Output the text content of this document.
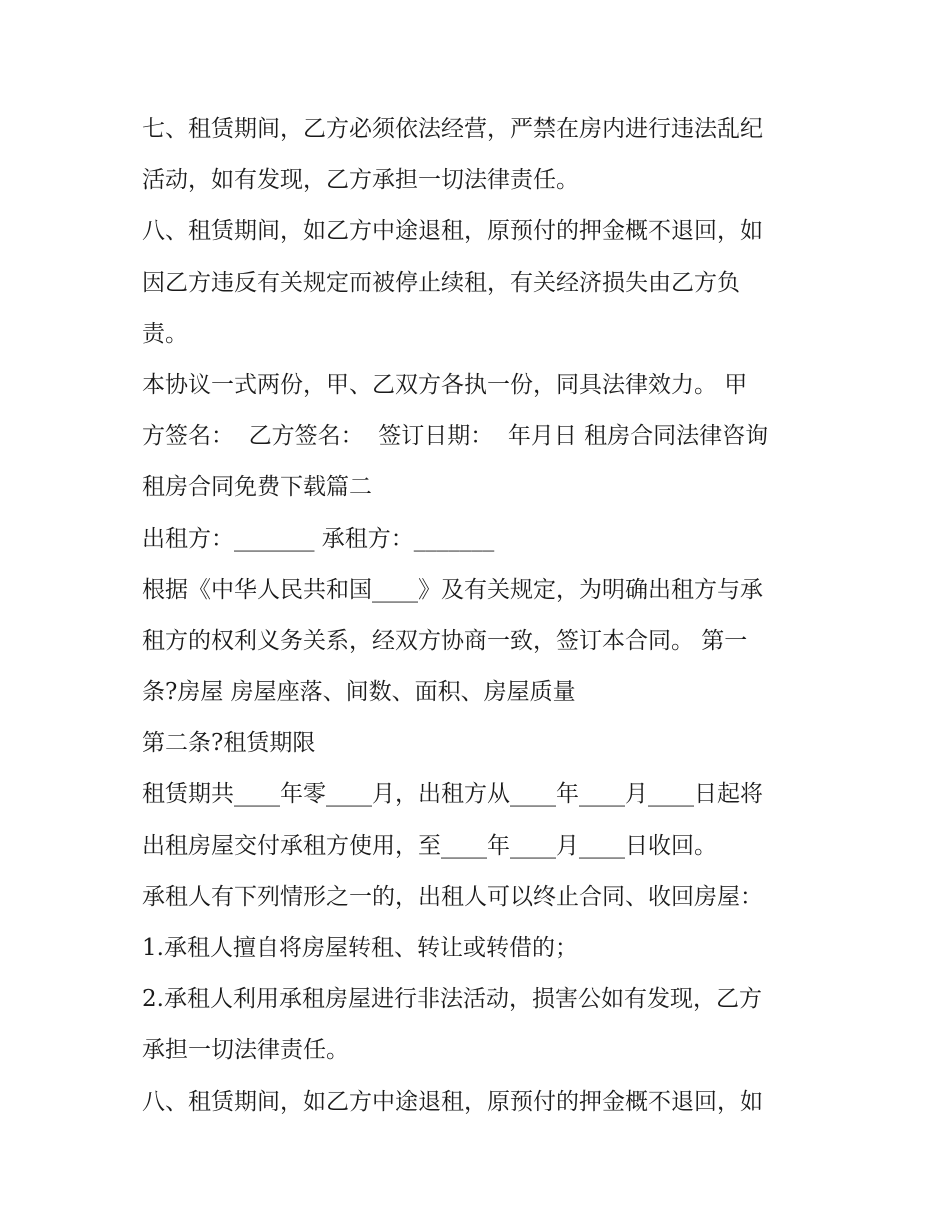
七、租赁期间，乙方必须依法经营，严禁在房内进行违法乱纪
活动，如有发现，乙方承担一切法律责任。
八、租赁期间，如乙方中途退租，原预付的押金概不退回，如
因乙方违反有关规定而被停止续租，有关经济损失由乙方负
责。
本协议一式两份，甲、乙双方各执一份，同具法律效力。 甲
方签名：  乙方签名：  签订日期：  年月日 租房合同法律咨询
租房合同免费下载篇二
出租方：_______ 承租方：_______
根据《中华人民共和国____》及有关规定，为明确出租方与承
租方的权利义务关系，经双方协商一致，签订本合同。 第一
条?房屋 房屋座落、间数、面积、房屋质量
第二条?租赁期限
租赁期共____年零____月，出租方从____年____月____日起将
出租房屋交付承租方使用，至____年____月____日收回。
承租人有下列情形之一的，出租人可以终止合同、收回房屋：
1.承租人擅自将房屋转租、转让或转借的；
2.承租人利用承租房屋进行非法活动，损害公如有发现，乙方
承担一切法律责任。
八、租赁期间，如乙方中途退租，原预付的押金概不退回，如
